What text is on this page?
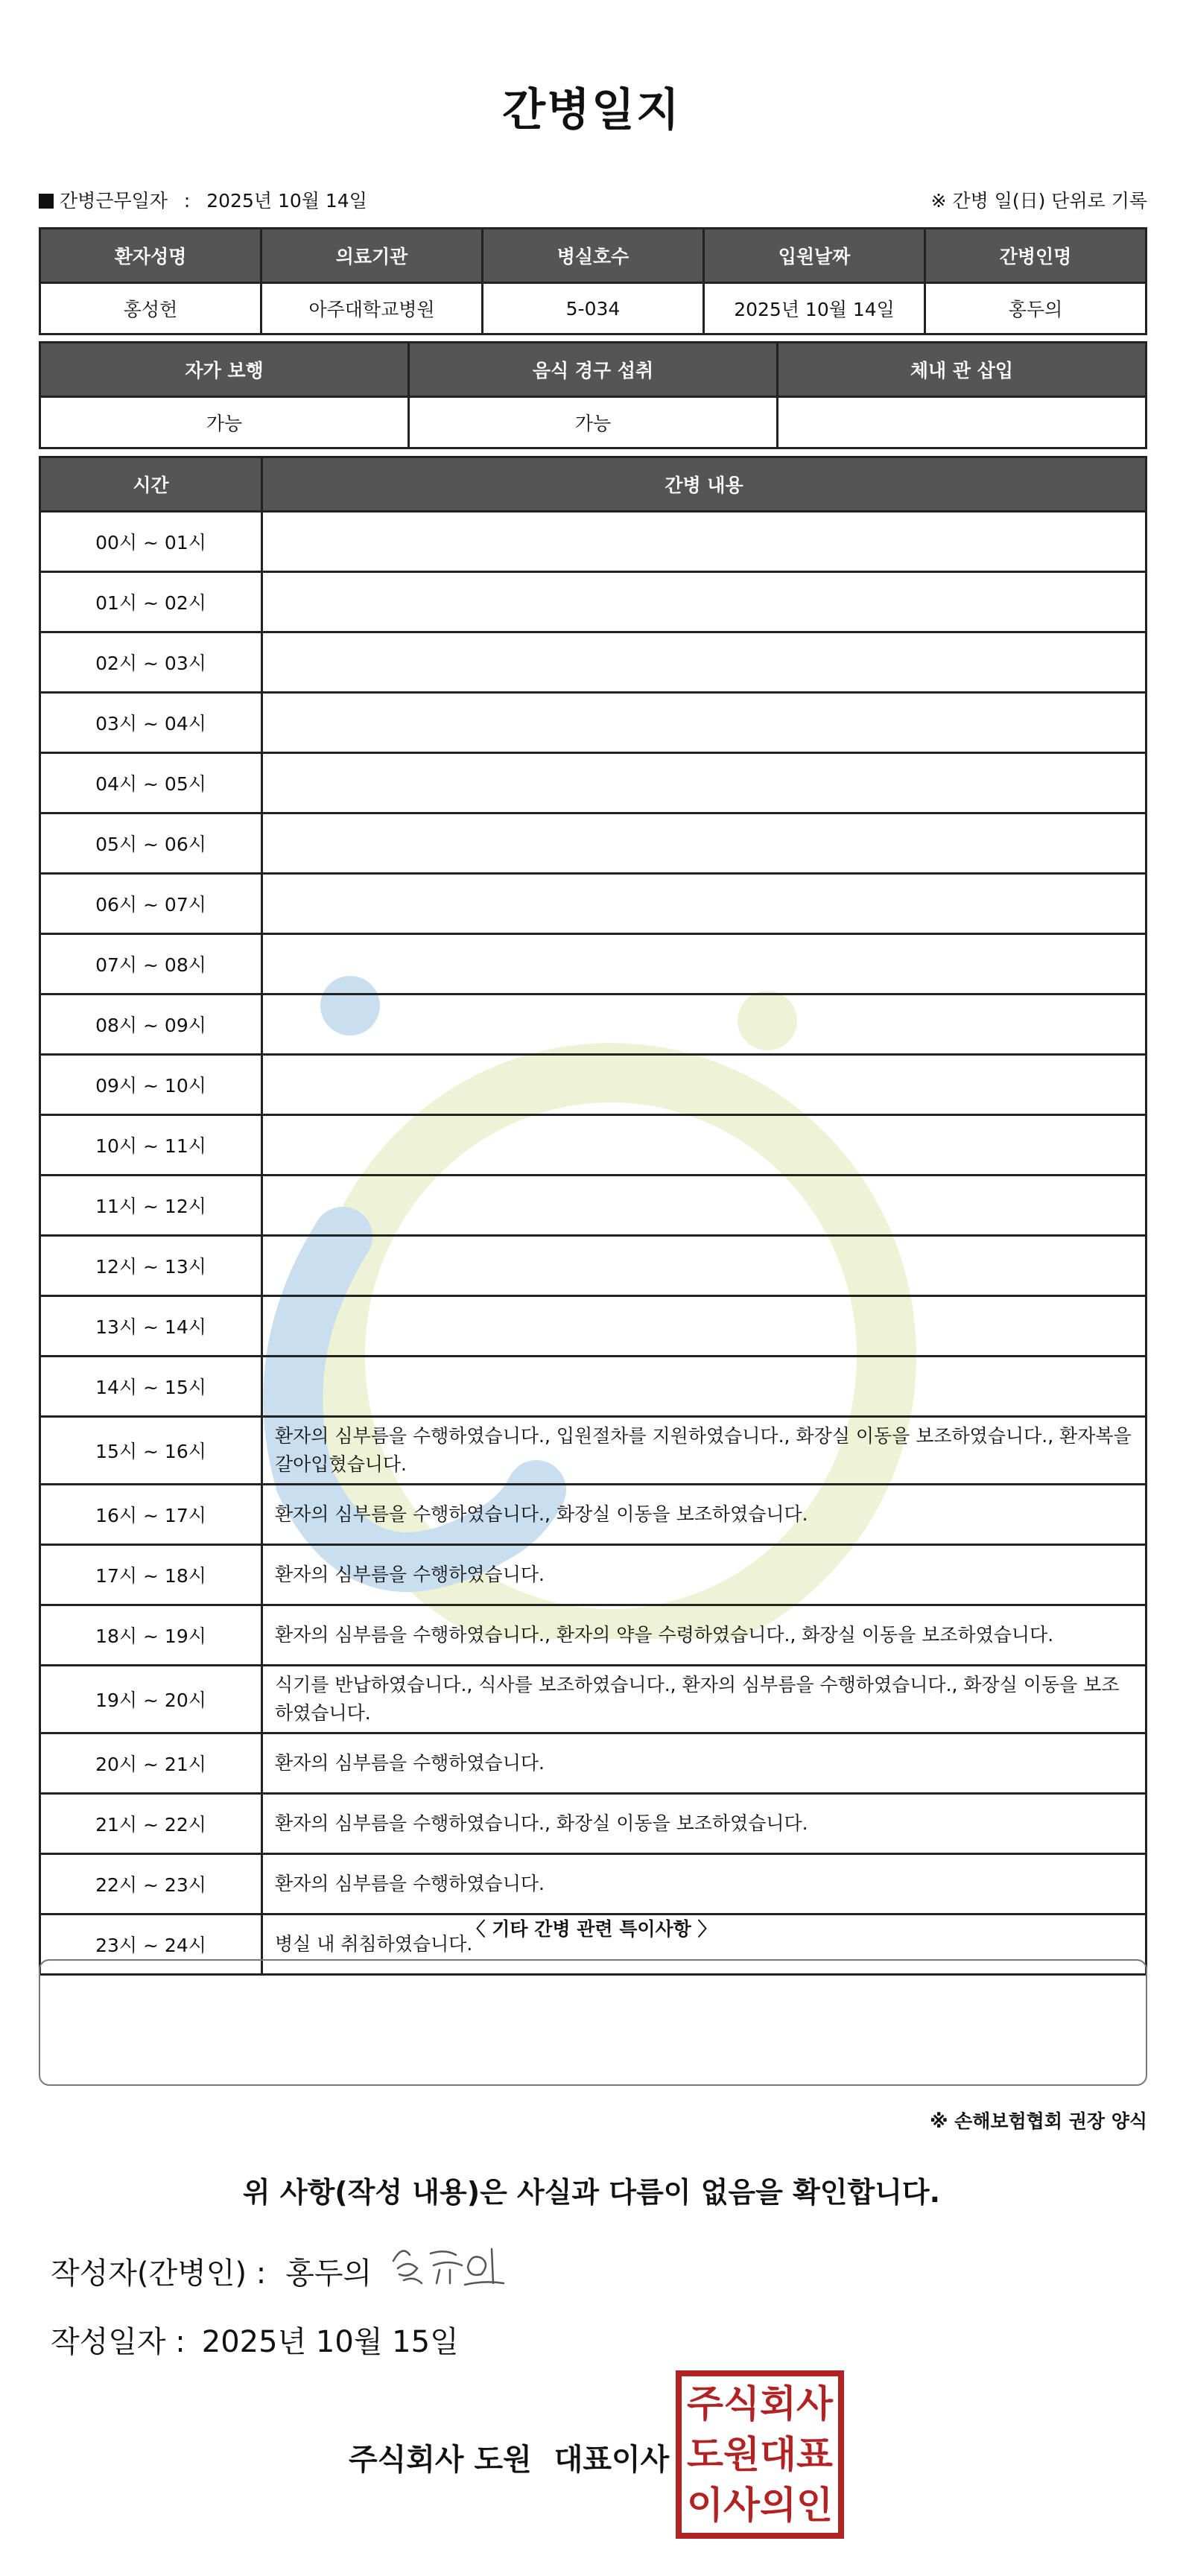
간병일지
간병근무일자 : 2025년 10월 14일	※ 간병 일(日) 단위로 기록
환자성명	의료기관	병실호수	입원날짜	간병인명
홍성헌	아주대학교병원	5-034	2025년 10월 14일	홍두의
자가 보행	음식 경구 섭취	체내 관 삽입
가능	가능	
시간	간병 내용
00시 ~ 01시	
01시 ~ 02시	
02시 ~ 03시	
03시 ~ 04시	
04시 ~ 05시	
05시 ~ 06시	
06시 ~ 07시	
07시 ~ 08시	
08시 ~ 09시	
09시 ~ 10시	
10시 ~ 11시	
11시 ~ 12시	
12시 ~ 13시	
13시 ~ 14시	
14시 ~ 15시	
15시 ~ 16시	환자의 심부름을 수행하였습니다., 입원절차를 지원하였습니다., 화장실 이동을 보조하였습니다., 환자복을 갈아입혔습니다.
16시 ~ 17시	환자의 심부름을 수행하였습니다., 화장실 이동을 보조하였습니다.
17시 ~ 18시	환자의 심부름을 수행하였습니다.
18시 ~ 19시	환자의 심부름을 수행하였습니다., 환자의 약을 수령하였습니다., 화장실 이동을 보조하였습니다.
19시 ~ 20시	식기를 반납하였습니다., 식사를 보조하였습니다., 환자의 심부름을 수행하였습니다., 화장실 이동을 보조하였습니다.
20시 ~ 21시	환자의 심부름을 수행하였습니다.
21시 ~ 22시	환자의 심부름을 수행하였습니다., 화장실 이동을 보조하였습니다.
22시 ~ 23시	환자의 심부름을 수행하였습니다.
23시 ~ 24시	병실 내 취침하였습니다.
〈 기타 간병 관련 특이사항 〉
※ 손해보험협회 권장 양식
위 사항(작성 내용)은 사실과 다름이 없음을 확인합니다.
작성자(간병인) : 홍두의
작성일자 : 2025년 10월 15일
주식회사 도원 대표이사
주식회사
도원대표
이사의인
